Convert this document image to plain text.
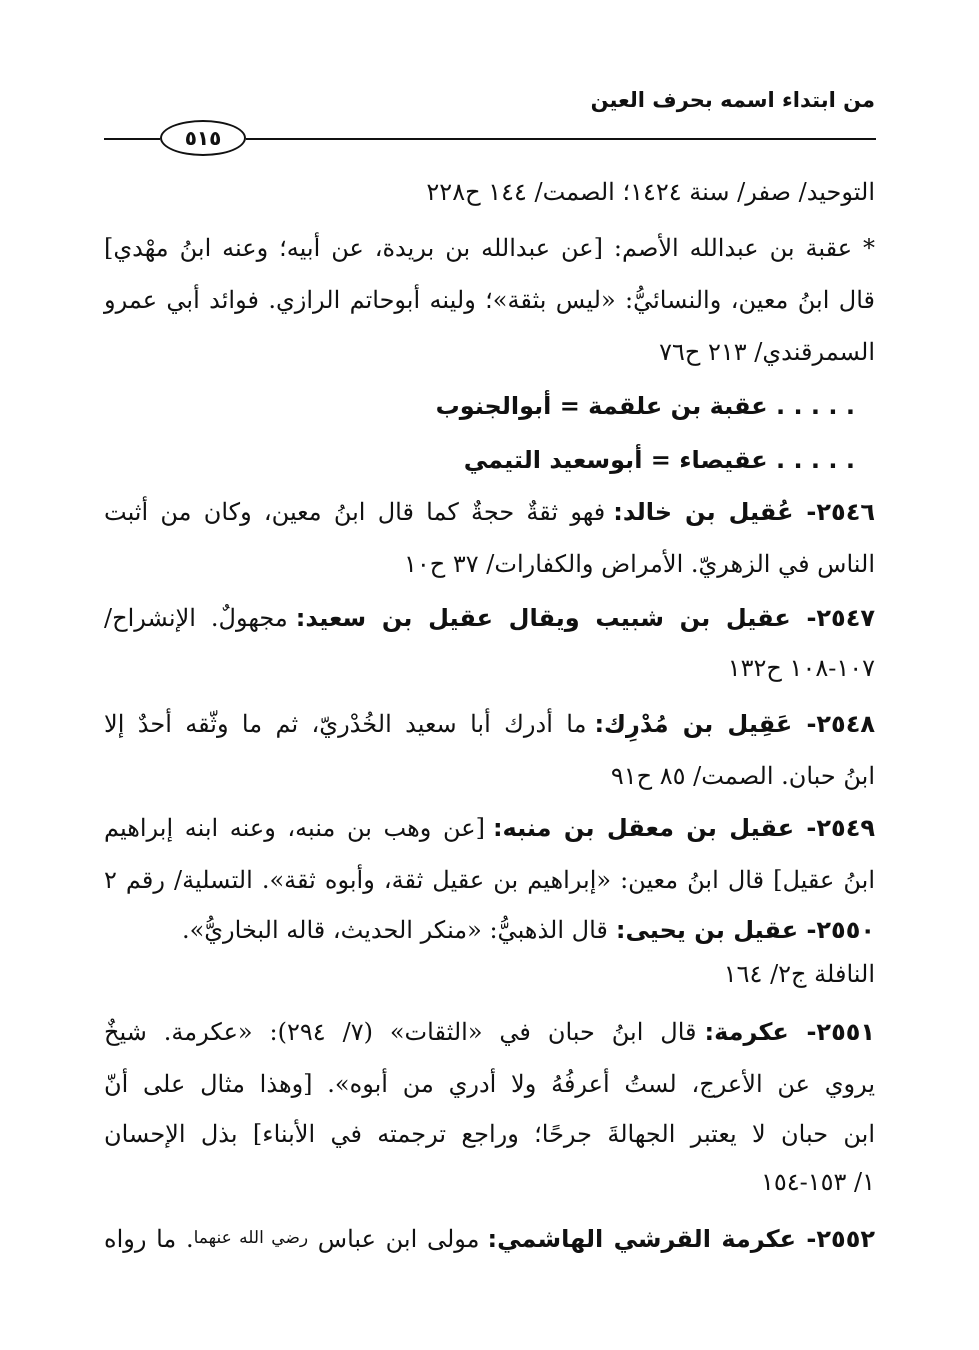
من ابتداء اسمه بحرف العين
٥١٥
التوحيد/ صفر/ سنة ١٤٢٤؛ الصمت/ ١٤٤ ح٢٢٨
* عقبة بن عبدالله الأصم: [عن عبدالله بن بريدة، عن أبيه؛ وعنه ابنُ مهْدي]
قال ابنُ معين، والنسائيُّ: «ليس بثقة»؛ ولينه أبوحاتم الرازي. فوائد أبي عمرو
السمرقندي/ ٢١٣ ح٧٦
. . . . . عقبة بن علقمة = أبوالجنوب
. . . . . عقيصاء = أبوسعيد التيمي
٢٥٤٦- عُقيل بن خالد:فهو ثقةٌ حجةٌ كما قال ابنُ معين، وكان من أثبت
الناس في الزهريّ. الأمراض والكفارات/ ٣٧ ح١٠
٢٥٤٧- عقيل بن شبيب ويقال عقيل بن سعيد:مجهولٌ. الإنشراح/
١٠٧-١٠٨ ح١٣٢
٢٥٤٨- عَقِيل بن مُدْرِك:ما أدرك أبا سعيد الخُدْريّ، ثم ما وثّقه أحدٌ إلا
ابنُ حبان. الصمت/ ٨٥ ح٩١
٢٥٤٩- عقيل بن معقل بن منبه:[عن وهب بن منبه، وعنه ابنه إبراهيم
ابنُ عقيل] قال ابنُ معين: «إبراهيم بن عقيل ثقة، وأبوه ثقة». التسلية/ رقم ٢
٢٥٥٠- عقيل بن يحيى:قال الذهبيُّ: «منكر الحديث، قاله البخاريُّ».
النافلة ج٢/ ١٦٤
٢٥٥١- عكرمة:قال ابنُ حبان في «الثقات» (٧/ ٢٩٤): «عكرمة. شيخٌ
يروي عن الأعرج، لستُ أعرفُهُ ولا أدري من أبوه». [وهذا مثال على أنّ
ابن حبان لا يعتبر الجهالةَ جرحًا؛ وراجع ترجمته في الأبناء] بذل الإحسان
١/ ١٥٣-١٥٤
٢٥٥٢- عكرمة القرشي الهاشمي:مولى ابن عباس رضي الله عنهما. ما رواه
